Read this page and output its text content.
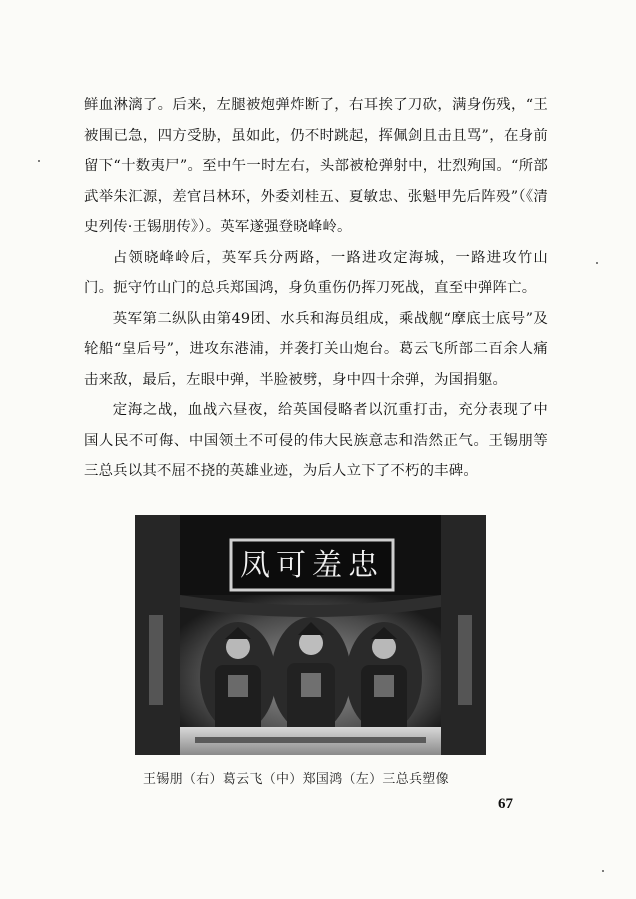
鲜血淋漓了。后来，左腿被炮弹炸断了，右耳挨了刀砍，满身伤残，“王被围已急，四方受胁，虽如此，仍不时跳起，挥佩剑且击且骂”，在身前留下“十数夷尸”。至中午一时左右，头部被枪弹射中，壮烈殉国。“所部武举朱汇源，差官吕林环，外委刘桂五、夏敏忠、张魁甲先后阵殁”（《清史列传·王锡朋传》）。英军遂强登晓峰岭。

占领晓峰岭后，英军兵分两路，一路进攻定海城，一路进攻竹山门。扼守竹山门的总兵郑国鸿，身负重伤仍挥刀死战，直至中弹阵亡。

英军第二纵队由第49团、水兵和海员组成，乘战舰“摩底士底号”及轮船“皇后号”，进攻东港浦，并袭打关山炮台。葛云飞所部二百余人痛击来敌，最后，左眼中弹，半脸被劈，身中四十余弹，为国捐躯。

定海之战，血战六昼夜，给英国侵略者以沉重打击，充分表现了中国人民不可侮、中国领土不可侵的伟大民族意志和浩然正气。王锡朋等三总兵以其不屈不挠的英雄业迹，为后人立下了不朽的丰碑。

凤可羞忠
王锡朋（右）葛云飞（中）郑国鸿（左）三总兵塑像
67
